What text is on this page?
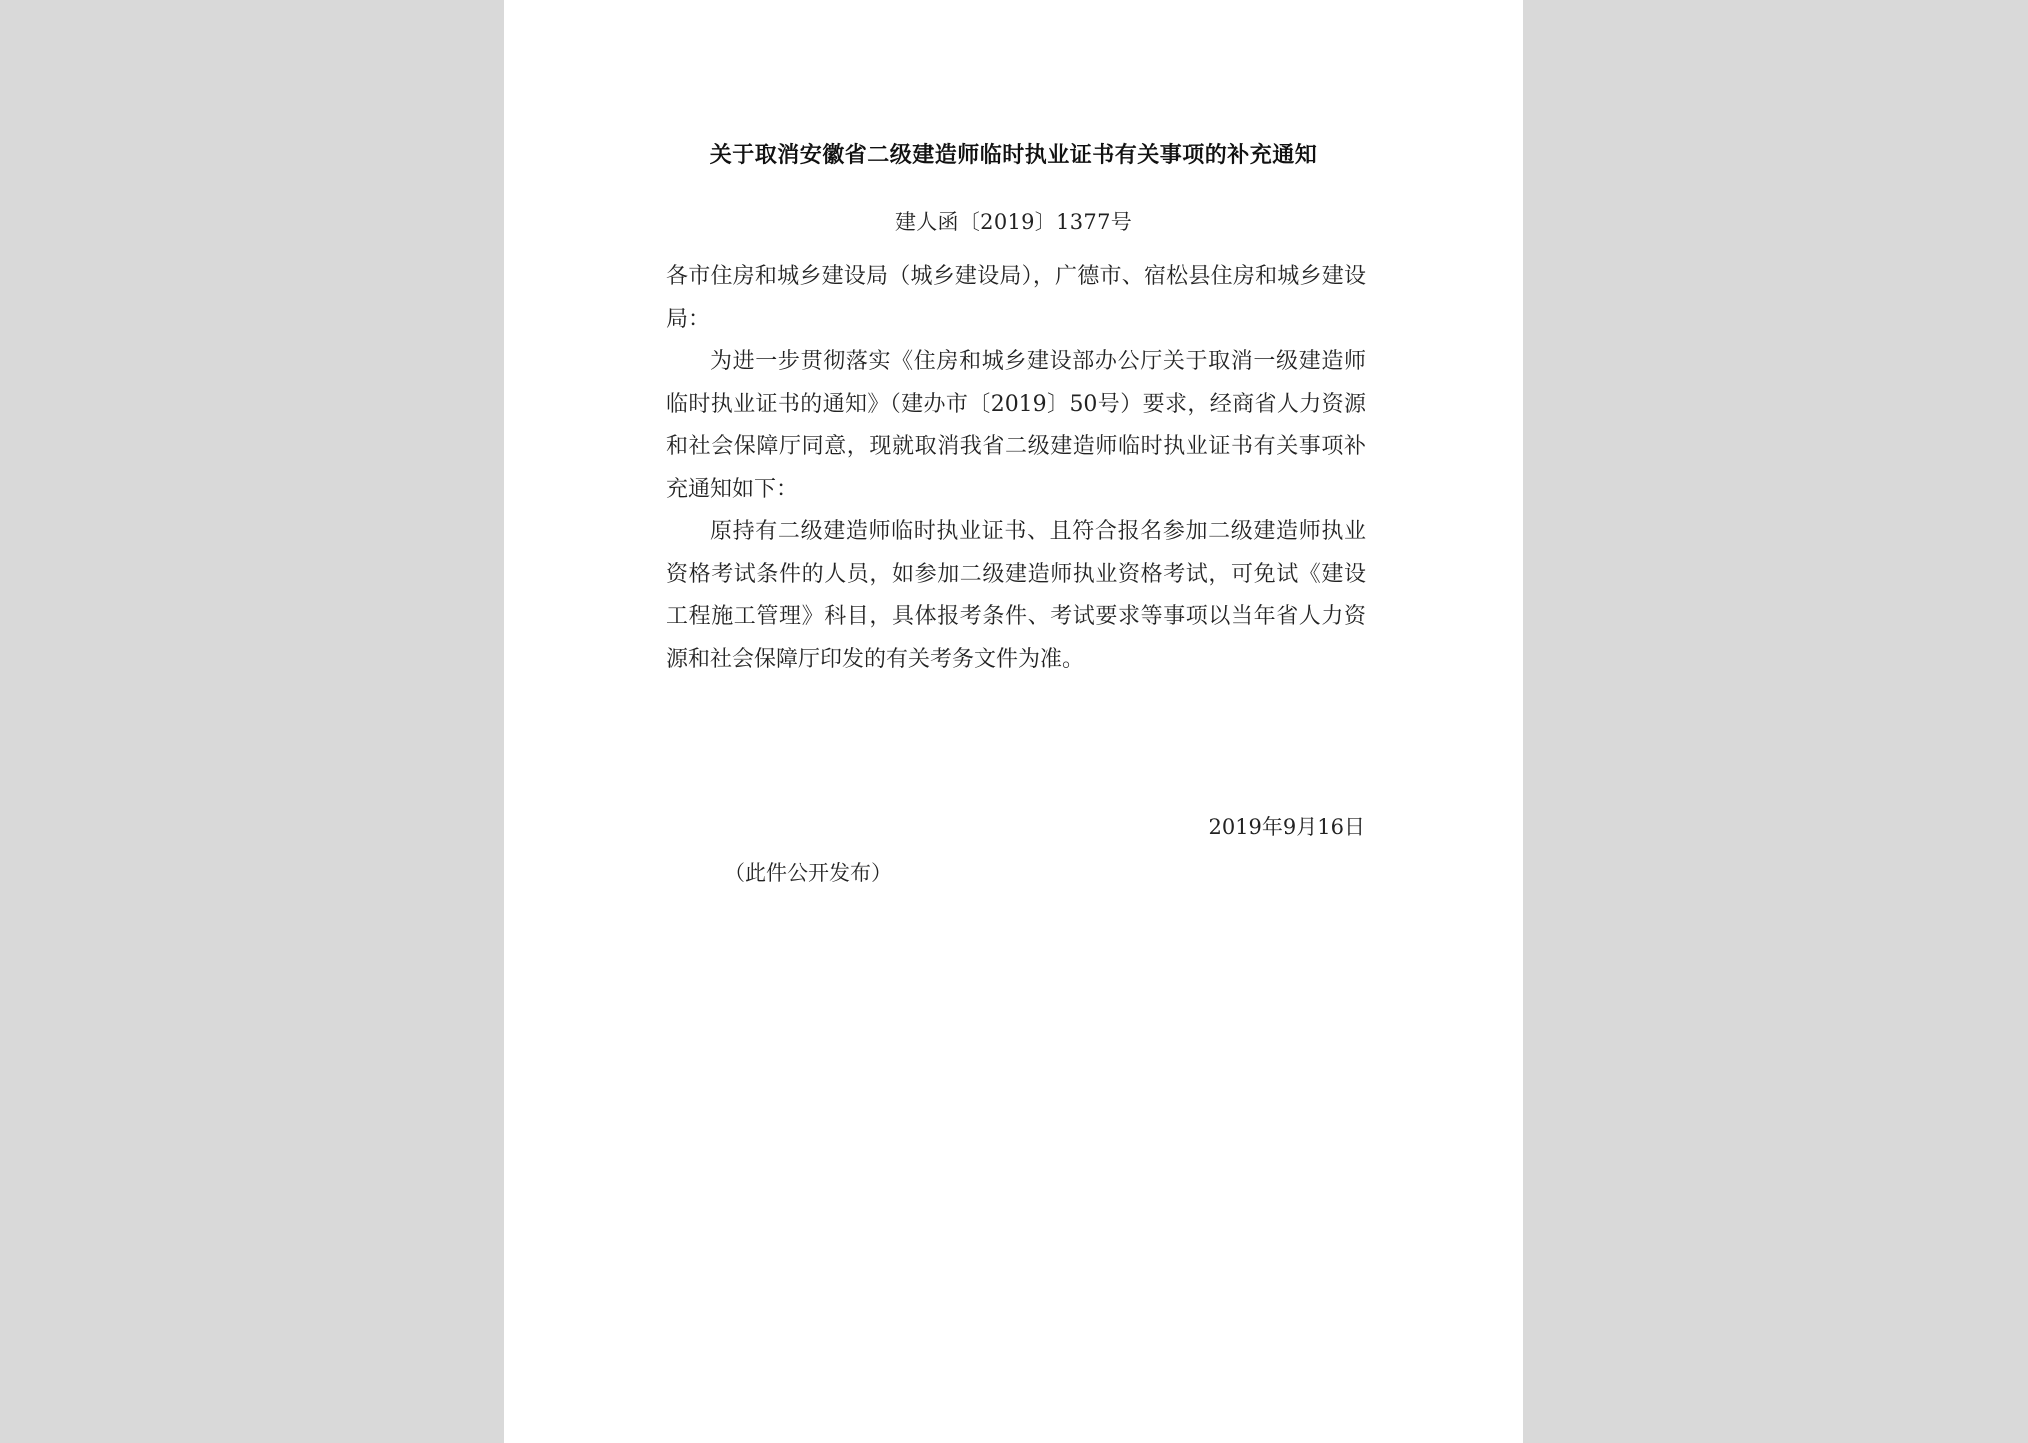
关于取消安徽省二级建造师临时执业证书有关事项的补充通知
建人函〔2019〕1377号

各市住房和城乡建设局（城乡建设局），广德市、宿松县住房和城乡建设局：

为进一步贯彻落实《住房和城乡建设部办公厅关于取消一级建造师临时执业证书的通知》（建办市〔2019〕50号）要求，经商省人力资源和社会保障厅同意，现就取消我省二级建造师临时执业证书有关事项补充通知如下：

原持有二级建造师临时执业证书、且符合报名参加二级建造师执业资格考试条件的人员，如参加二级建造师执业资格考试，可免试《建设工程施工管理》科目，具体报考条件、考试要求等事项以当年省人力资源和社会保障厅印发的有关考务文件为准。

2019年9月16日
（此件公开发布）
